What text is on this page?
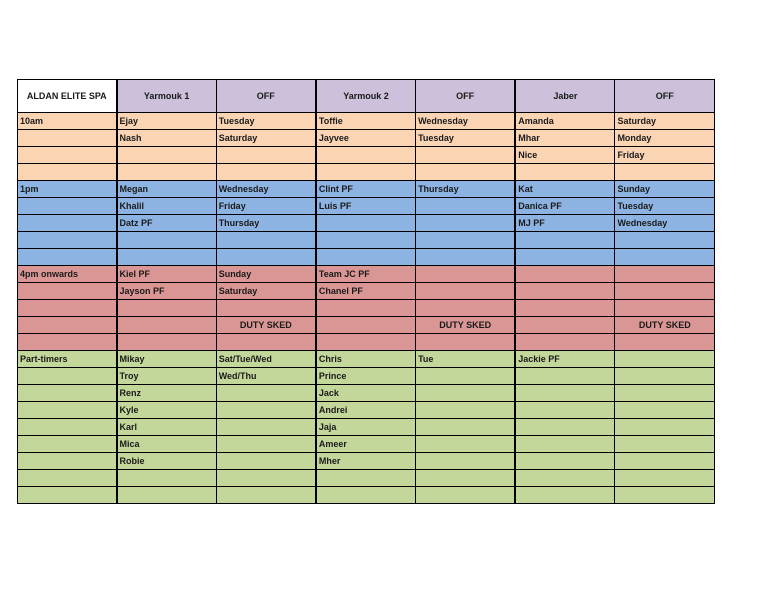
ALDAN ELITE SPA	Yarmouk 1	OFF	Yarmouk 2	OFF	Jaber	OFF
10am	Ejay	Tuesday	Toffie	Wednesday	Amanda	Saturday
	Nash	Saturday	Jayvee	Tuesday	Mhar	Monday
					Nice	Friday

1pm	Megan	Wednesday	Clint PF	Thursday	Kat	Sunday
	Khalil	Friday	Luis PF		Danica PF	Tuesday
	Datz PF	Thursday			MJ PF	Wednesday

4pm onwards	Kiel PF	Sunday	Team JC PF			
	Jayson PF	Saturday	Chanel PF			

		DUTY SKED		DUTY SKED		DUTY SKED

Part-timers	Mikay	Sat/Tue/Wed	Chris	Tue	Jackie PF	
	Troy	Wed/Thu	Prince			
	Renz		Jack			
	Kyle		Andrei			
	Karl		Jaja			
	Mica		Ameer			
	Robie		Mher			
